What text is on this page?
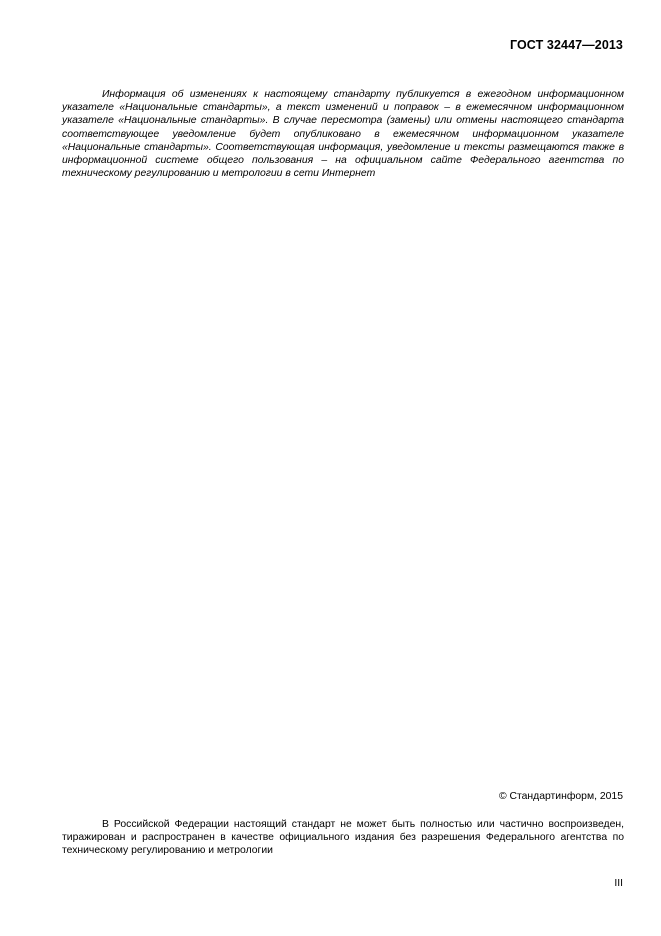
ГОСТ 32447—2013

Информация об изменениях к настоящему стандарту публикуется в ежегодном информационном указателе «Национальные стандарты», а текст изменений и поправок – в ежемесячном информационном указателе «Национальные стандарты». В случае пересмотра (замены) или отмены настоящего стандарта соответствующее уведомление будет опубликовано в ежемесячном информационном указателе «Национальные стандарты». Соответствующая информация, уведомление и тексты размещаются также в информационной системе общего пользования – на официальном сайте Федерального агентства по техническому регулированию и метрологии в сети Интернет

© Стандартинформ, 2015

В Российской Федерации настоящий стандарт не может быть полностью или частично воспроизведен, тиражирован и распространен в качестве официального издания без разрешения Федерального агентства по техническому регулированию и метрологии

III
